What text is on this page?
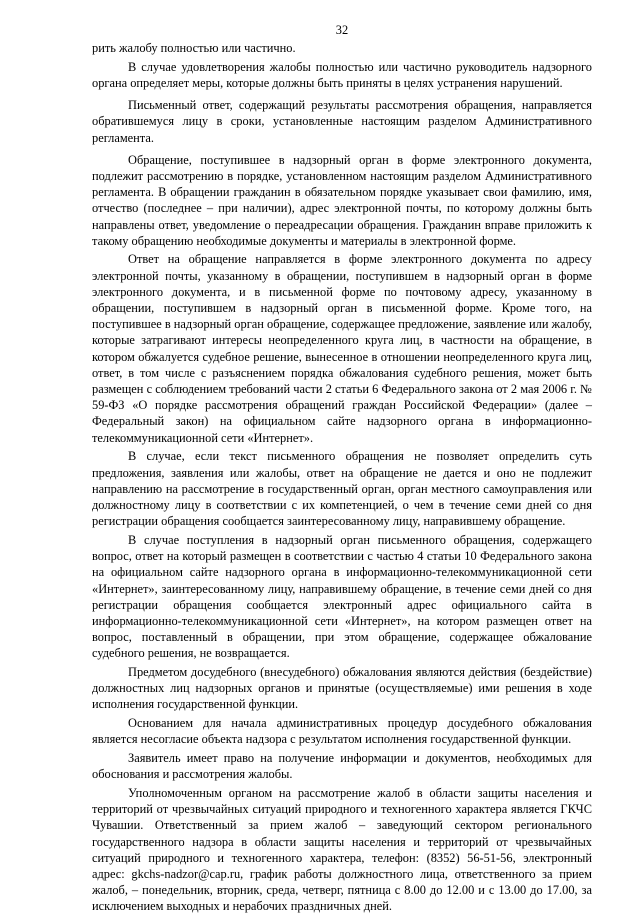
32

рить жалобу полностью или частично.

В случае удовлетворения жалобы полностью или частично руководитель надзорного органа определяет меры, которые должны быть приняты в целях устранения нарушений.

Письменный ответ, содержащий результаты рассмотрения обращения, направляется обратившемуся лицу в сроки, установленные настоящим разделом Административного регламента.

Обращение, поступившее в надзорный орган в форме электронного документа, подлежит рассмотрению в порядке, установленном настоящим разделом Административного регламента. В обращении гражданин в обязательном порядке указывает свои фамилию, имя, отчество (последнее – при наличии), адрес электронной почты, по которому должны быть направлены ответ, уведомление о переадресации обращения. Гражданин вправе приложить к такому обращению необходимые документы и материалы в электронной форме.

Ответ на обращение направляется в форме электронного документа по адресу электронной почты, указанному в обращении, поступившем в надзорный орган в форме электронного документа, и в письменной форме по почтовому адресу, указанному в обращении, поступившем в надзорный орган в письменной форме. Кроме того, на поступившее в надзорный орган обращение, содержащее предложение, заявление или жалобу, которые затрагивают интересы неопределенного круга лиц, в частности на обращение, в котором обжалуется судебное решение, вынесенное в отношении неопределенного круга лиц, ответ, в том числе с разъяснением порядка обжалования судебного решения, может быть размещен с соблюдением требований части 2 статьи 6 Федерального закона от 2 мая 2006 г. № 59-ФЗ «О порядке рассмотрения обращений граждан Российской Федерации» (далее – Федеральный закон) на официальном сайте надзорного органа в информационно-телекоммуникационной сети «Интернет».

В случае, если текст письменного обращения не позволяет определить суть предложения, заявления или жалобы, ответ на обращение не дается и оно не подлежит направлению на рассмотрение в государственный орган, орган местного самоуправления или должностному лицу в соответствии с их компетенцией, о чем в течение семи дней со дня регистрации обращения сообщается заинтересованному лицу, направившему обращение.

В случае поступления в надзорный орган письменного обращения, содержащего вопрос, ответ на который размещен в соответствии с частью 4 статьи 10 Федерального закона на официальном сайте надзорного органа в информационно-телекоммуникационной сети «Интернет», заинтересованному лицу, направившему обращение, в течение семи дней со дня регистрации обращения сообщается электронный адрес официального сайта в информационно-телекоммуникационной сети «Интернет», на котором размещен ответ на вопрос, поставленный в обращении, при этом обращение, содержащее обжалование судебного решения, не возвращается.

Предметом досудебного (внесудебного) обжалования являются действия (бездействие) должностных лиц надзорных органов и принятые (осуществляемые) ими решения в ходе исполнения государственной функции.

Основанием для начала административных процедур досудебного обжалования является несогласие объекта надзора с результатом исполнения государственной функции.

Заявитель имеет право на получение информации и документов, необходимых для обоснования и рассмотрения жалобы.

Уполномоченным органом на рассмотрение жалоб в области защиты населения и территорий от чрезвычайных ситуаций природного и техногенного характера является ГКЧС Чувашии. Ответственный за прием жалоб – заведующий сектором регионального государственного надзора в области защиты населения и территорий от чрезвычайных ситуаций природного и техногенного характера, телефон: (8352) 56-51-56, электронный адрес: gkchs-nadzor@cap.ru, график работы должностного лица, ответственного за прием жалоб, – понедельник, вторник, среда, четверг, пятница с 8.00 до 12.00 и с 13.00 до 17.00, за исключением выходных и нерабочих праздничных дней.
